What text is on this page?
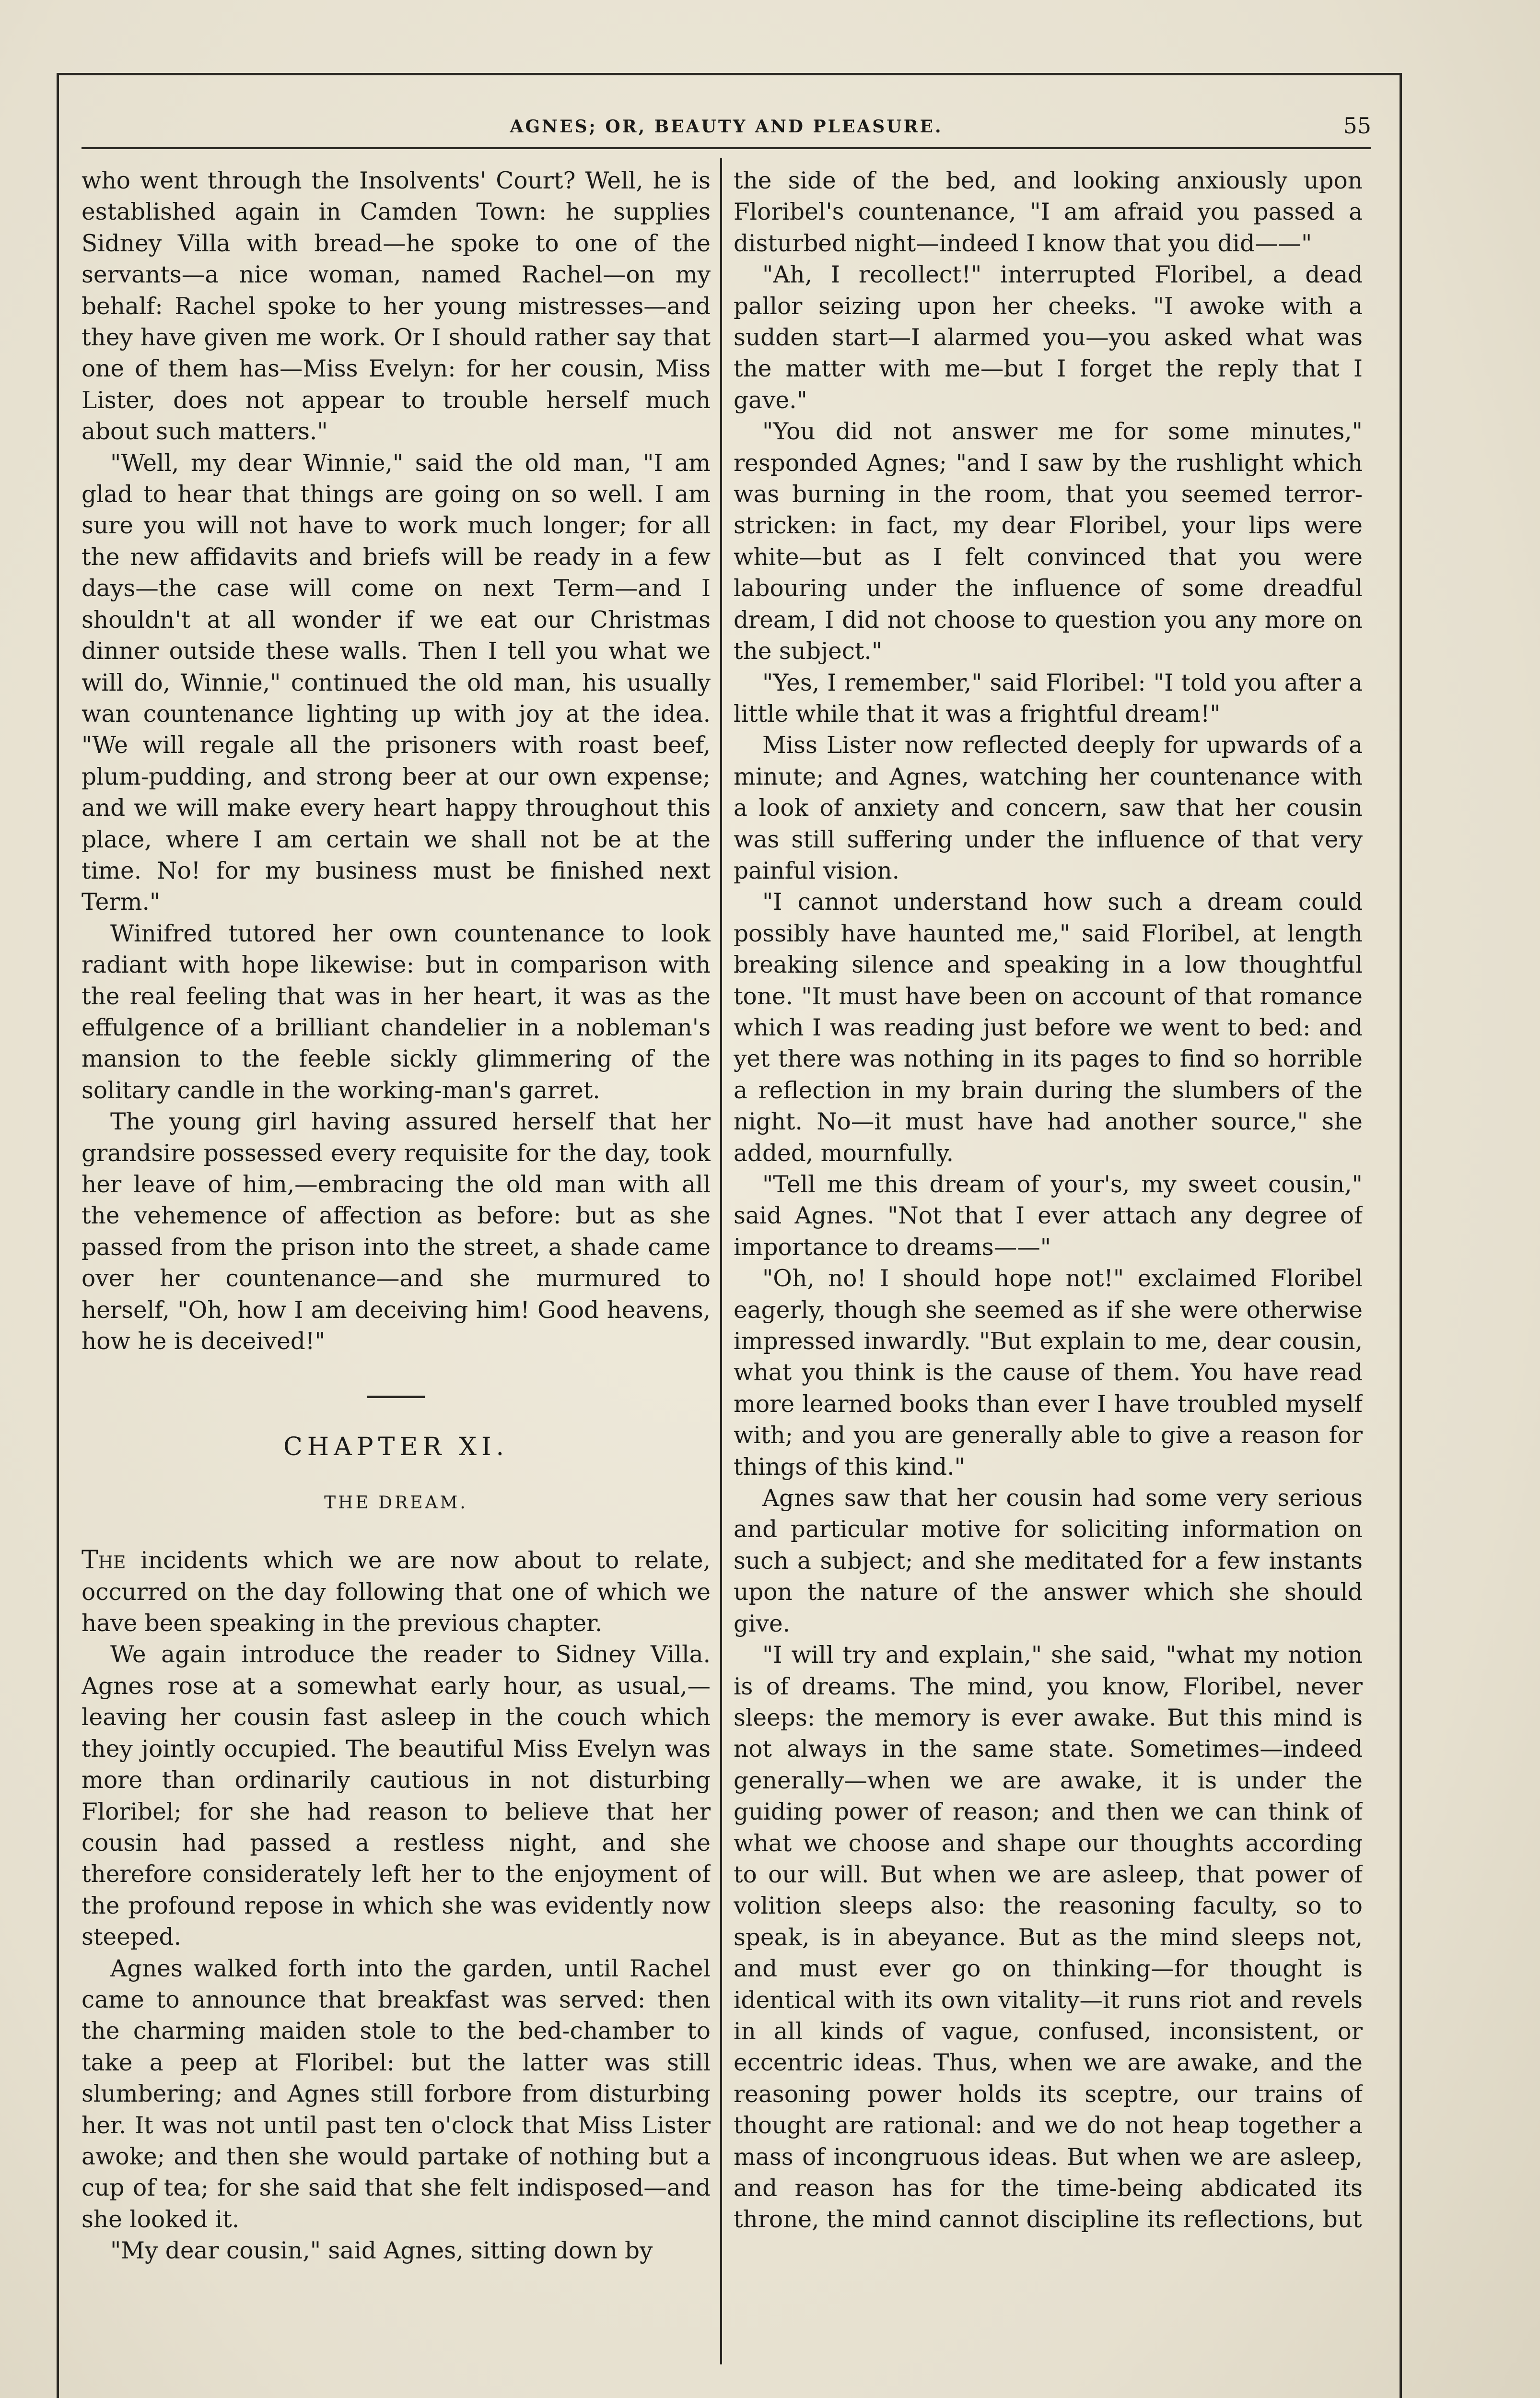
AGNES; OR, BEAUTY AND PLEASURE.	55

who went through the Insolvents' Court? Well, he is established again in Camden Town: he supplies Sidney Villa with bread—he spoke to one of the servants—a nice woman, named Rachel—on my behalf: Rachel spoke to her young mistresses—and they have given me work. Or I should rather say that one of them has—Miss Evelyn: for her cousin, Miss Lister, does not appear to trouble herself much about such matters."

"Well, my dear Winnie," said the old man, "I am glad to hear that things are going on so well. I am sure you will not have to work much longer; for all the new affidavits and briefs will be ready in a few days—the case will come on next Term—and I shouldn't at all wonder if we eat our Christmas dinner outside these walls. Then I tell you what we will do, Winnie," continued the old man, his usually wan countenance lighting up with joy at the idea. "We will regale all the prisoners with roast beef, plum-pudding, and strong beer at our own expense; and we will make every heart happy throughout this place, where I am certain we shall not be at the time. No! for my business must be finished next Term."

Winifred tutored her own countenance to look radiant with hope likewise: but in comparison with the real feeling that was in her heart, it was as the effulgence of a brilliant chandelier in a nobleman's mansion to the feeble sickly glimmering of the solitary candle in the working-man's garret.

The young girl having assured herself that her grandsire possessed every requisite for the day, took her leave of him,—embracing the old man with all the vehemence of affection as before: but as she passed from the prison into the street, a shade came over her countenance—and she murmured to herself, "Oh, how I am deceiving him! Good heavens, how he is deceived!"

CHAPTER XI.
THE DREAM.

The incidents which we are now about to relate, occurred on the day following that one of which we have been speaking in the previous chapter.

We again introduce the reader to Sidney Villa. Agnes rose at a somewhat early hour, as usual,—leaving her cousin fast asleep in the couch which they jointly occupied. The beautiful Miss Evelyn was more than ordinarily cautious in not disturbing Floribel; for she had reason to believe that her cousin had passed a restless night, and she therefore considerately left her to the enjoyment of the profound repose in which she was evidently now steeped.

Agnes walked forth into the garden, until Rachel came to announce that breakfast was served: then the charming maiden stole to the bed-chamber to take a peep at Floribel: but the latter was still slumbering; and Agnes still forbore from disturbing her. It was not until past ten o'clock that Miss Lister awoke; and then she would partake of nothing but a cup of tea; for she said that she felt indisposed—and she looked it.

"My dear cousin," said Agnes, sitting down by

the side of the bed, and looking anxiously upon Floribel's countenance, "I am afraid you passed a disturbed night—indeed I know that you did——"

"Ah, I recollect!" interrupted Floribel, a dead pallor seizing upon her cheeks. "I awoke with a sudden start—I alarmed you—you asked what was the matter with me—but I forget the reply that I gave."

"You did not answer me for some minutes," responded Agnes; "and I saw by the rushlight which was burning in the room, that you seemed terror-stricken: in fact, my dear Floribel, your lips were white—but as I felt convinced that you were labouring under the influence of some dreadful dream, I did not choose to question you any more on the subject."

"Yes, I remember," said Floribel: "I told you after a little while that it was a frightful dream!"

Miss Lister now reflected deeply for upwards of a minute; and Agnes, watching her countenance with a look of anxiety and concern, saw that her cousin was still suffering under the influence of that very painful vision.

"I cannot understand how such a dream could possibly have haunted me," said Floribel, at length breaking silence and speaking in a low thoughtful tone. "It must have been on account of that romance which I was reading just before we went to bed: and yet there was nothing in its pages to find so horrible a reflection in my brain during the slumbers of the night. No—it must have had another source," she added, mournfully.

"Tell me this dream of your's, my sweet cousin," said Agnes. "Not that I ever attach any degree of importance to dreams——"

"Oh, no! I should hope not!" exclaimed Floribel eagerly, though she seemed as if she were otherwise impressed inwardly. "But explain to me, dear cousin, what you think is the cause of them. You have read more learned books than ever I have troubled myself with; and you are generally able to give a reason for things of this kind."

Agnes saw that her cousin had some very serious and particular motive for soliciting information on such a subject; and she meditated for a few instants upon the nature of the answer which she should give.

"I will try and explain," she said, "what my notion is of dreams. The mind, you know, Floribel, never sleeps: the memory is ever awake. But this mind is not always in the same state. Sometimes—indeed generally—when we are awake, it is under the guiding power of reason; and then we can think of what we choose and shape our thoughts according to our will. But when we are asleep, that power of volition sleeps also: the reasoning faculty, so to speak, is in abeyance. But as the mind sleeps not, and must ever go on thinking—for thought is identical with its own vitality—it runs riot and revels in all kinds of vague, confused, inconsistent, or eccentric ideas. Thus, when we are awake, and the reasoning power holds its sceptre, our trains of thought are rational: and we do not heap together a mass of incongruous ideas. But when we are asleep, and reason has for the time-being abdicated its throne, the mind cannot discipline its reflections, but
